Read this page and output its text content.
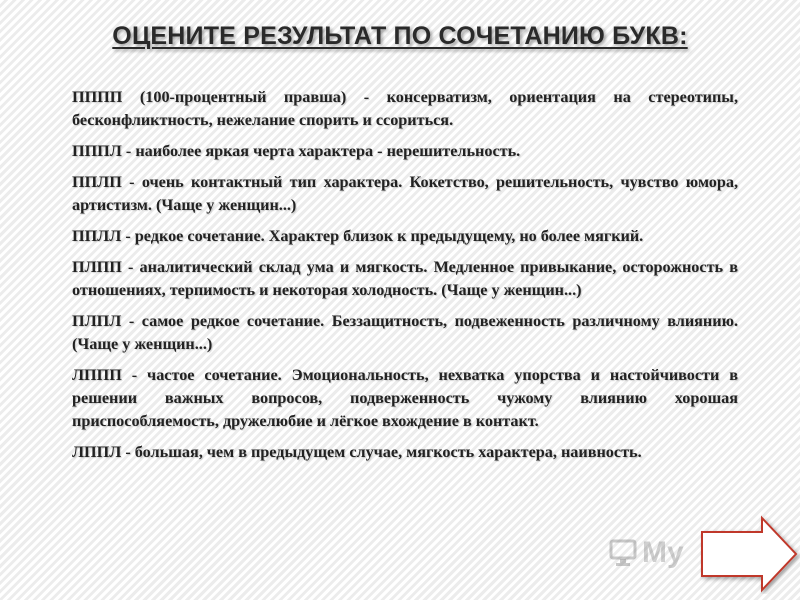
ОЦЕНИТЕ РЕЗУЛЬТАТ ПО СОЧЕТАНИЮ БУКВ:

ПППП (100-процентный правша) - консерватизм, ориентация на стереотипы, бесконфликтность, нежелание спорить и ссориться.

ПППЛ - наиболее яркая черта характера - нерешительность.

ППЛП - очень контактный тип характера. Кокетство, решительность, чувство юмора, артистизм. (Чаще у женщин...)

ППЛЛ - редкое сочетание. Характер близок к предыдущему, но более мягкий.

ПЛПП - аналитический склад ума и мягкость. Медленное привыкание, осторожность в отношениях, терпимость и некоторая холодность. (Чаще у женщин...)

ПЛПЛ - самое редкое сочетание. Беззащитность, подвеженность различному влиянию. (Чаще у женщин...)

ЛППП - частое сочетание. Эмоциональность, нехватка упорства и настойчивости в решении важных вопросов, подверженность чужому влиянию хорошая приспособляемость, дружелюбие и лёгкое вхождение в контакт.

ЛППЛ - большая, чем в предыдущем случае, мягкость характера, наивность.

My
